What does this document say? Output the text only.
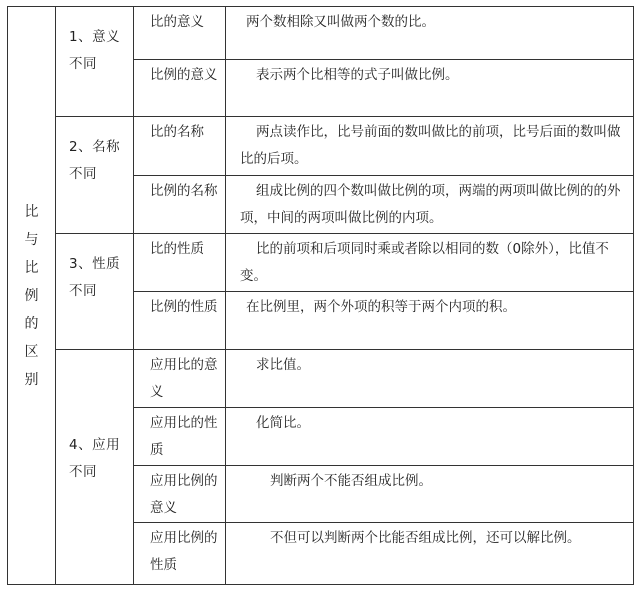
比与比例的区别	1、意义不同	比的意义	两个数相除又叫做两个数的比。

		比例的意义	表示两个比相等的式子叫做比例。

	2、名称不同	比的名称	两点读作比，比号前面的数叫做比的前项，比号后面的数叫做比的后项。

		比例的名称	组成比例的四个数叫做比例的项，两端的两项叫做比例的的外项，中间的两项叫做比例的内项。

	3、性质不同	比的性质	比的前项和后项同时乘或者除以相同的数（0除外），比值不变。

		比例的性质	在比例里，两个外项的积等于两个内项的积。

	4、应用不同	应用比的意义	求比值。

		应用比的性质	化简比。

		应用比例的意义	判断两个不能否组成比例。

		应用比例的性质	不但可以判断两个比能否组成比例，还可以解比例。
